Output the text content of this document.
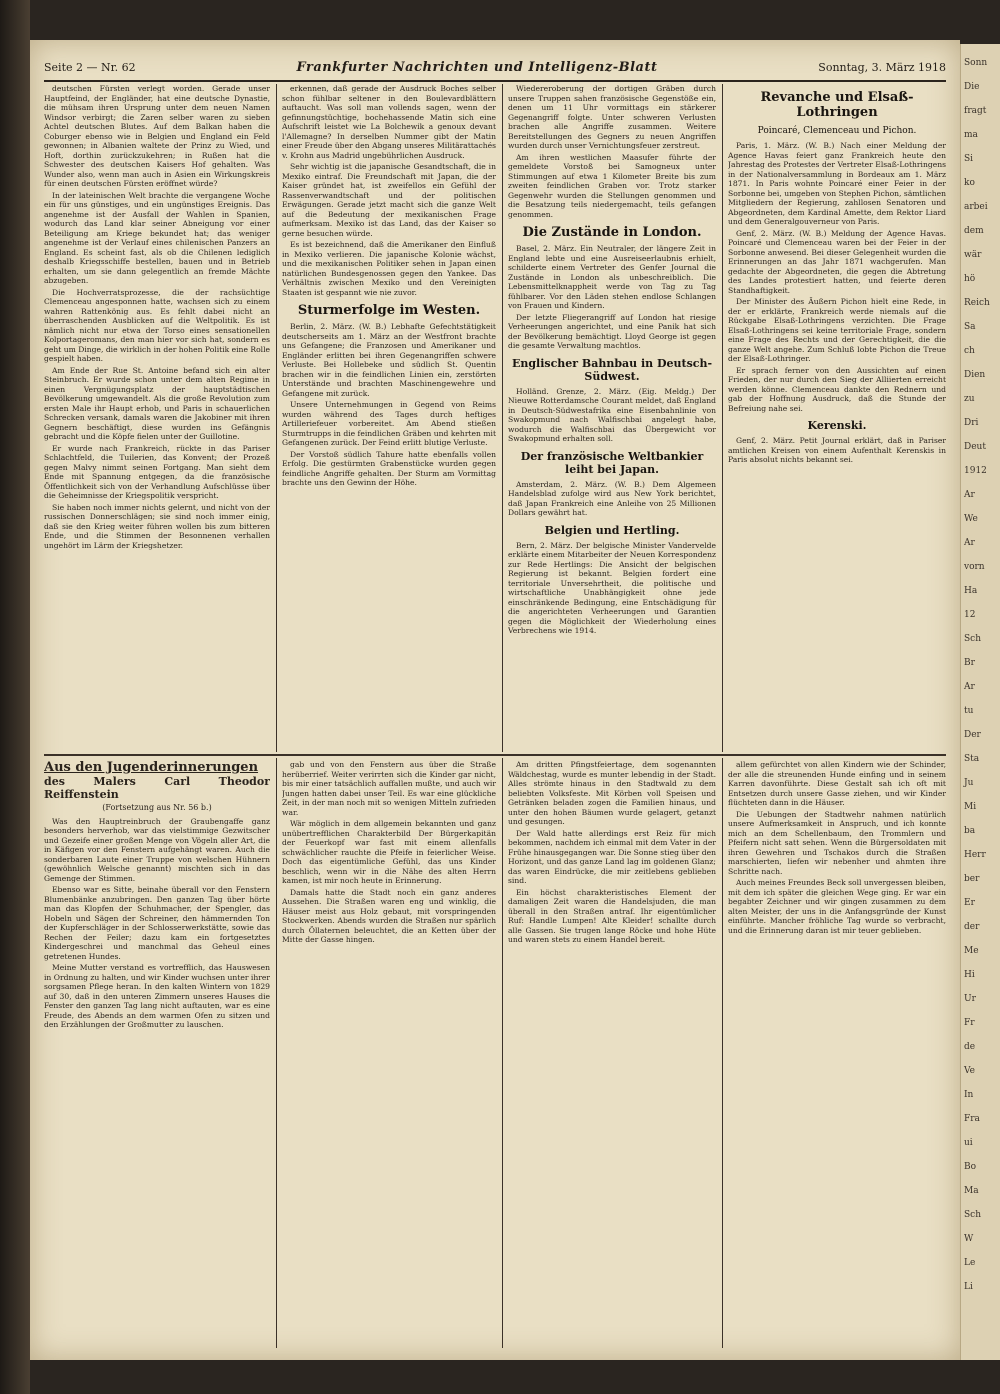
Seite 2 — Nr. 62	Frankfurter Nachrichten und Intelligenz-Blatt	Sonntag, 3. März 1918

deutschen Fürsten verlegt worden. Gerade unser Hauptfeind, der Engländer, hat eine deutsche Dynastie, die mühsam ihren Ursprung unter dem neuen Namen Windsor verbirgt; die Zaren selber waren zu sieben Achtel deutschen Blutes. Auf dem Balkan haben die Coburger ebenso wie in Belgien und England ein Feld gewonnen; in Albanien waltete der Prinz zu Wied, und Hoft, dorthin zurückzukehren; in Rußen hat die Schwester des deutschen Kaisers Hof gehalten. Was Wunder also, wenn man auch in Asien ein Wirkungskreis für einen deutschen Fürsten eröffnet würde?

In der lateinischen Welt brachte die vergangene Woche ein für uns günstiges, und ein ungünstiges Ereignis. Das angenehme ist der Ausfall der Wahlen in Spanien, wodurch das Land klar seiner Abneigung vor einer Beteiligung am Kriege bekundet hat; das weniger angenehme ist der Verlauf eines chilenischen Panzers an England. Es scheint fast, als ob die Chilenen lediglich deshalb Kriegsschiffe bestellen, bauen und in Betrieb erhalten, um sie dann gelegentlich an fremde Mächte abzugeben.

Die Hochverratsprozesse, die der rachsüchtige Clemenceau angesponnen hatte, wachsen sich zu einem wahren Rattenkönig aus. Es fehlt dabei nicht an überraschenden Ausblicken auf die Weltpolitik. Es ist nämlich nicht nur etwa der Torso eines sensationellen Kolportageromans, den man hier vor sich hat, sondern es geht um Dinge, die wirklich in der hohen Politik eine Rolle gespielt haben.

Am Ende der Rue St. Antoine befand sich ein alter Steinbruch. Er wurde schon unter dem alten Regime in einen Vergnügungsplatz der hauptstädtischen Bevölkerung umgewandelt. Als die große Revolution zum ersten Male ihr Haupt erhob, und Paris in schauerlichen Schrecken versank, damals waren die Jakobiner mit ihren Gegnern beschäftigt, diese wurden ins Gefängnis gebracht und die Köpfe fielen unter der Guillotine.

Er wurde nach Frankreich, rückte in das Pariser Schlachtfeld, die Tuilerien, das Konvent; der Prozeß gegen Malvy nimmt seinen Fortgang. Man sieht dem Ende mit Spannung entgegen, da die französische Öffentlichkeit sich von der Verhandlung Aufschlüsse über die Geheimnisse der Kriegspolitik verspricht.

Sie haben noch immer nichts gelernt, und nicht von der russischen Donnerschlägen; sie sind noch immer einig, daß sie den Krieg weiter führen wollen bis zum bitteren Ende, und die Stimmen der Besonnenen verhallen ungehört im Lärm der Kriegshetzer.

erkennen, daß gerade der Ausdruck Boches selber schon fühlbar seltener in den Boulevardblättern auftaucht. Was soll man vollends sagen, wenn der gefinnungstüchtige, bochehassende Matin sich eine Aufschrift leistet wie La Bolchewik a genoux devant l'Allemagne? In derselben Nummer gibt der Matin einer Freude über den Abgang unseres Militärattachés v. Krohn aus Madrid ungebührlichen Ausdruck.

Sehr wichtig ist die japanische Gesandtschaft, die in Mexiko eintraf. Die Freundschaft mit Japan, die der Kaiser gründet hat, ist zweifellos ein Gefühl der Rassenverwandtschaft und der politischen Erwägungen. Gerade jetzt macht sich die ganze Welt auf die Bedeutung der mexikanischen Frage aufmerksam. Mexiko ist das Land, das der Kaiser so gerne besuchen würde.

Es ist bezeichnend, daß die Amerikaner den Einfluß in Mexiko verlieren. Die japanische Kolonie wächst, und die mexikanischen Politiker sehen in Japan einen natürlichen Bundesgenossen gegen den Yankee. Das Verhältnis zwischen Mexiko und den Vereinigten Staaten ist gespannt wie nie zuvor.

Sturmerfolge im Westen.

Berlin, 2. März. (W. B.) Lebhafte Gefechtstätigkeit deutscherseits am 1. März an der Westfront brachte uns Gefangene; die Franzosen und Amerikaner und Engländer erlitten bei ihren Gegenangriffen schwere Verluste. Bei Hollebeke und südlich St. Quentin brachen wir in die feindlichen Linien ein, zerstörten Unterstände und brachten Maschinengewehre und Gefangene mit zurück.

Unsere Unternehmungen in Gegend von Reims wurden während des Tages durch heftiges Artilleriefeuer vorbereitet. Am Abend stießen Sturmtrupps in die feindlichen Gräben und kehrten mit Gefangenen zurück. Der Feind erlitt blutige Verluste.

Der Vorstoß südlich Tahure hatte ebenfalls vollen Erfolg. Die gestürmten Grabenstücke wurden gegen feindliche Angriffe gehalten. Der Sturm am Vormittag brachte uns den Gewinn der Höhe.

Wiedereroberung der dortigen Gräben durch unsere Truppen sahen französische Gegenstöße ein, denen um 11 Uhr vormittags ein stärkerer Gegenangriff folgte. Unter schweren Verlusten brachen alle Angriffe zusammen. Weitere Bereitstellungen des Gegners zu neuen Angriffen wurden durch unser Vernichtungsfeuer zerstreut.

Am ihren westlichen Maasufer führte der gemeldete Vorstoß bei Samogneux unter Stimmungen auf etwa 1 Kilometer Breite bis zum zweiten feindlichen Graben vor. Trotz starker Gegenwehr wurden die Stellungen genommen und die Besatzung teils niedergemacht, teils gefangen genommen.

Die Zustände in London.

Basel, 2. März. Ein Neutraler, der längere Zeit in England lebte und eine Ausreiseerlaubnis erhielt, schilderte einem Vertreter des Genfer Journal die Zustände in London als unbeschreiblich. Die Lebensmittelknappheit werde von Tag zu Tag fühlbarer. Vor den Läden stehen endlose Schlangen von Frauen und Kindern.

Der letzte Fliegerangriff auf London hat riesige Verheerungen angerichtet, und eine Panik hat sich der Bevölkerung bemächtigt. Lloyd George ist gegen die gesamte Verwaltung machtlos.

Englischer Bahnbau in Deutsch-Südwest.

Holländ. Grenze, 2. März. (Eig. Meldg.) Der Nieuwe Rotterdamsche Courant meldet, daß England in Deutsch-Südwestafrika eine Eisenbahnlinie von Swakopmund nach Walfischbai angelegt habe, wodurch die Walfischbai das Übergewicht vor Swakopmund erhalten soll.

Der französische Weltbankier leiht bei Japan.

Amsterdam, 2. März. (W. B.) Dem Algemeen Handelsblad zufolge wird aus New York berichtet, daß Japan Frankreich eine Anleihe von 25 Millionen Dollars gewährt hat.

Belgien und Hertling.

Bern, 2. März. Der belgische Minister Vandervelde erklärte einem Mitarbeiter der Neuen Korrespondenz zur Rede Hertlings: Die Ansicht der belgischen Regierung ist bekannt. Belgien fordert eine territoriale Unversehrtheit, die politische und wirtschaftliche Unabhängigkeit ohne jede einschränkende Bedingung, eine Entschädigung für die angerichteten Verheerungen und Garantien gegen die Möglichkeit der Wiederholung eines Verbrechens wie 1914.

Revanche und Elsaß-Lothringen
Poincaré, Clemenceau und Pichon.

Paris, 1. März. (W. B.) Nach einer Meldung der Agence Havas feiert ganz Frankreich heute den Jahrestag des Protestes der Vertreter Elsaß-Lothringens in der Nationalversammlung in Bordeaux am 1. März 1871. In Paris wohnte Poincaré einer Feier in der Sorbonne bei, umgeben von Stephen Pichon, sämtlichen Mitgliedern der Regierung, zahllosen Senatoren und Abgeordneten, dem Kardinal Amette, dem Rektor Liard und dem Generalgouverneur von Paris.

Genf, 2. März. (W. B.) Meldung der Agence Havas. Poincaré und Clemenceau waren bei der Feier in der Sorbonne anwesend. Bei dieser Gelegenheit wurden die Erinnerungen an das Jahr 1871 wachgerufen. Man gedachte der Abgeordneten, die gegen die Abtretung des Landes protestiert hatten, und feierte deren Standhaftigkeit.

Der Minister des Äußern Pichon hielt eine Rede, in der er erklärte, Frankreich werde niemals auf die Rückgabe Elsaß-Lothringens verzichten. Die Frage Elsaß-Lothringens sei keine territoriale Frage, sondern eine Frage des Rechts und der Gerechtigkeit, die die ganze Welt angehe. Zum Schluß lobte Pichon die Treue der Elsaß-Lothringer.

Er sprach ferner von den Aussichten auf einen Frieden, der nur durch den Sieg der Alliierten erreicht werden könne. Clemenceau dankte den Rednern und gab der Hoffnung Ausdruck, daß die Stunde der Befreiung nahe sei.

Kerenski.

Genf, 2. März. Petit Journal erklärt, daß in Pariser amtlichen Kreisen von einem Aufenthalt Kerenskis in Paris absolut nichts bekannt sei.

Aus den Jugenderinnerungen
des Malers Carl Theodor Reiffenstein
(Fortsetzung aus Nr. 56 b.)

Was den Hauptreinbruch der Graubengaffe ganz besonders herverhob, war das vielstimmige Gezwitscher und Gezeife einer großen Menge von Vögeln aller Art, die in Käfigen vor den Fenstern aufgehängt waren. Auch die sonderbaren Laute einer Truppe von welschen Hühnern (gewöhnlich Welsche genannt) mischten sich in das Gemenge der Stimmen.

Ebenso war es Sitte, beinahe überall vor den Fenstern Blumenbänke anzubringen. Den ganzen Tag über hörte man das Klopfen der Schuhmacher, der Spengler, das Hobeln und Sägen der Schreiner, den hämmernden Ton der Kupferschläger in der Schlosserwerkstätte, sowie das Rechen der Feiler; dazu kam ein fortgesetztes Kindergeschrei und manchmal das Geheul eines getretenen Hundes.

Meine Mutter verstand es vortrefflich, das Hauswesen in Ordnung zu halten, und wir Kinder wuchsen unter ihrer sorgsamen Pflege heran. In den kalten Wintern von 1829 auf 30, daß in den unteren Zimmern unseres Hauses die Fenster den ganzen Tag lang nicht auftauten, war es eine Freude, des Abends an dem warmen Ofen zu sitzen und den Erzählungen der Großmutter zu lauschen.

gab und von den Fenstern aus über die Straße herüberrief. Weiter verirrten sich die Kinder gar nicht, bis mir einer tatsächlich auffallen mußte, und auch wir Jungen hatten dabei unser Teil. Es war eine glückliche Zeit, in der man noch mit so wenigen Mitteln zufrieden war.

Wär möglich in dem allgemein bekannten und ganz unübertrefflichen Charakterbild Der Bürgerkapitän der Feuerkopf war fast mit einem allenfalls schwächlicher rauchte die Pfeife in feierlicher Weise. Doch das eigentümliche Gefühl, das uns Kinder beschlich, wenn wir in die Nähe des alten Herrn kamen, ist mir noch heute in Erinnerung.

Damals hatte die Stadt noch ein ganz anderes Aussehen. Die Straßen waren eng und winklig, die Häuser meist aus Holz gebaut, mit vorspringenden Stockwerken. Abends wurden die Straßen nur spärlich durch Öllaternen beleuchtet, die an Ketten über der Mitte der Gasse hingen.

Am dritten Pfingstfeiertage, dem sogenannten Wäldchestag, wurde es munter lebendig in der Stadt. Alles strömte hinaus in den Stadtwald zu dem beliebten Volksfeste. Mit Körben voll Speisen und Getränken beladen zogen die Familien hinaus, und unter den hohen Bäumen wurde gelagert, getanzt und gesungen.

Der Wald hatte allerdings erst Reiz für mich bekommen, nachdem ich einmal mit dem Vater in der Frühe hinausgegangen war. Die Sonne stieg über den Horizont, und das ganze Land lag im goldenen Glanz; das waren Eindrücke, die mir zeitlebens geblieben sind.

Ein höchst charakteristisches Element der damaligen Zeit waren die Handelsjuden, die man überall in den Straßen antraf. Ihr eigentümlicher Ruf: Handle Lumpen! Alte Kleider! schallte durch alle Gassen. Sie trugen lange Röcke und hohe Hüte und waren stets zu einem Handel bereit.

allem gefürchtet von allen Kindern wie der Schinder, der alle die streunenden Hunde einfing und in seinem Karren davonführte. Diese Gestalt sah ich oft mit Entsetzen durch unsere Gasse ziehen, und wir Kinder flüchteten dann in die Häuser.

Die Uebungen der Stadtwehr nahmen natürlich unsere Aufmerksamkeit in Anspruch, und ich konnte mich an dem Schellenbaum, den Trommlern und Pfeifern nicht satt sehen. Wenn die Bürgersoldaten mit ihren Gewehren und Tschakos durch die Straßen marschierten, liefen wir nebenher und ahmten ihre Schritte nach.

Auch meines Freundes Beck soll unvergessen bleiben, mit dem ich später die gleichen Wege ging. Er war ein begabter Zeichner und wir gingen zusammen zu dem alten Meister, der uns in die Anfangsgründe der Kunst einführte. Mancher fröhliche Tag wurde so verbracht, und die Erinnerung daran ist mir teuer geblieben.

Sonn
Die
fragt
ma
Si
ko
arbei
dem
wär
hö
Reich
Sa
ch
Dien
zu
Dri
Deut
1912
Ar
We
Ar
vorn
Ha
12
Sch
Br
Ar
tu
Der
Sta
Ju
Mi
ba
Herr
ber
Er
der
Me
Hi
Ur
Fr
de
Ve
In
Fra
ui
Bo
Ma
Sch
W
Le
Li
